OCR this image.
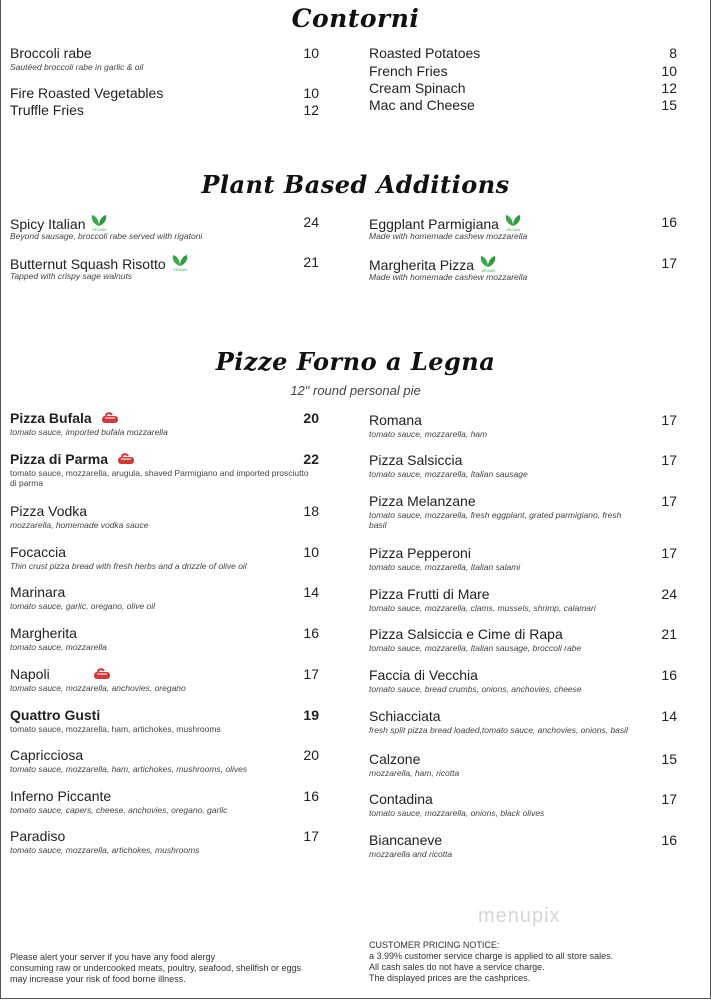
Contorni
Plant Based Additions
Pizze Forno a Legna
12" round personal pie
Broccoli rabe	10
Sautéed broccoli rabe in garlic & oil
Fire Roasted Vegetables	10
Truffle Fries	12
Roasted Potatoes	8
French Fries	10
Cream Spinach	12
Mac and Cheese	15
Spicy Italian VEGAN	24
Beyond sausage, broccoli rabe served with rigatoni
Butternut Squash Risotto VEGAN	21
Tapped with crispy sage walnuts
Eggplant Parmigiana VEGAN	16
Made with homemade cashew mozzarella
Margherita Pizza VEGAN	17
Made with homemade cashew mozzarella
Pizza Bufala	20
tomato sauce, imported bufala mozzarella
Pizza di Parma	22
tomato sauce, mozzarella, arugula, shaved Parmigiano and imported prosciutto di parma
Pizza Vodka	18
mozzarella, homemade vodka sauce
Focaccia	10
Thin crust pizza bread with fresh herbs and a drizzle of olive oil
Marinara	14
tomato sauce, garlic, oregano, olive oil
Margherita	16
tomato sauce, mozzarella
Napoli	17
tomato sauce, mozzarella, anchovies, oregano
Quattro Gusti	19
tomato sauce, mozzarella, ham, artichokes, mushrooms
Capricciosa	20
tomato sauce, mozzarella, ham, artichokes, mushrooms, olives
Inferno Piccante	16
tomato sauce, capers, cheese, anchovies, oregano, garlic
Paradiso	17
tomato sauce, mozzarella, artichokes, mushrooms
Romana	17
tomato sauce, mozzarella, ham
Pizza Salsiccia	17
tomato sauce, mozzarella, Italian sausage
Pizza Melanzane	17
tomato sauce, mozzarella, fresh eggplant, grated parmigiano, fresh basil
Pizza Pepperoni	17
tomato sauce, mozzarella, Italian salami
Pizza Frutti di Mare	24
tomato sauce, mozzarella, clams, mussels, shrimp, calamari
Pizza Salsiccia e Cime di Rapa	21
tomato sauce, mozzarella, Italian sausage, broccoli rabe
Faccia di Vecchia	16
tomato sauce, bread crumbs, onions, anchovies, cheese
Schiacciata	14
fresh split pizza bread loaded,tomato sauce, anchovies, onions, basil
Calzone	15
mozzarella, ham, ricotta
Contadina	17
tomato sauce, mozzarella, onions, black olives
Biancaneve	16
mozzarella and ricotta
menupix
Please alert your server if you have any food alergy
consuming raw or undercooked meats, poultry, seafood, shellfish or eggs
may increase your risk of food borne illness.
CUSTOMER PRICING NOTICE:
a 3.99% customer service charge is applied to all store sales.
All cash sales do not have a service charge.
The displayed prices are the cashprices.
